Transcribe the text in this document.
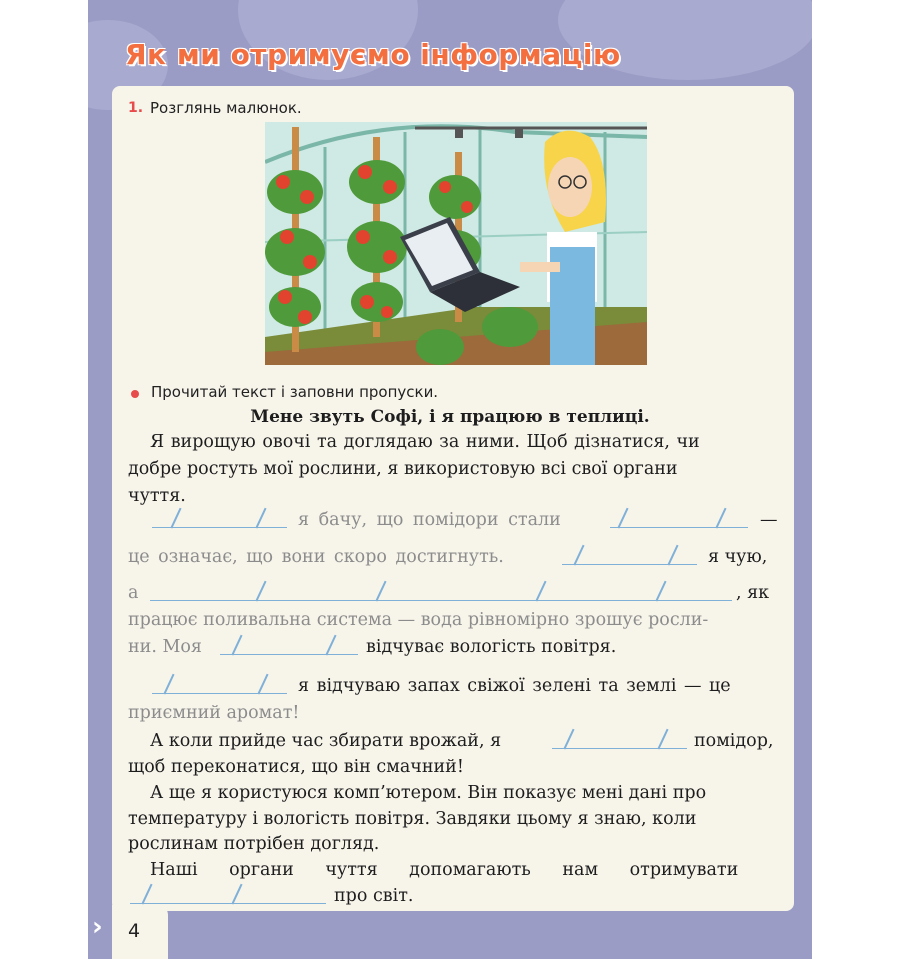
Як ми отримуємо інформацію
1. Розглянь малюнок.
Прочитай текст і заповни пропуски.
Мене звуть Софі, і я працюю в теплиці.
Я вирощую овочі та доглядаю за ними. Щоб дізнатися, чи
добре ростуть мої рослини, я використовую всі свої органи
чуття.
я бачу, що помідори стали	—
це означає, що вони скоро достигнуть.	я чую,
а	, як
працює поливальна система — вода рівномірно зрошує росли-
ни. Моя	відчуває вологість повітря.
я відчуваю запах свіжої зелені та землі — це
приємний аромат!
А коли прийде час збирати врожай, я	помідор,
щоб переконатися, що він смачний!
А ще я користуюся комп’ютером. Він показує мені дані про
температуру і вологість повітря. Завдяки цьому я знаю, коли
рослинам потрібен догляд.
Наші органи чуття допомагають нам отримувати
про світ.
› 4
